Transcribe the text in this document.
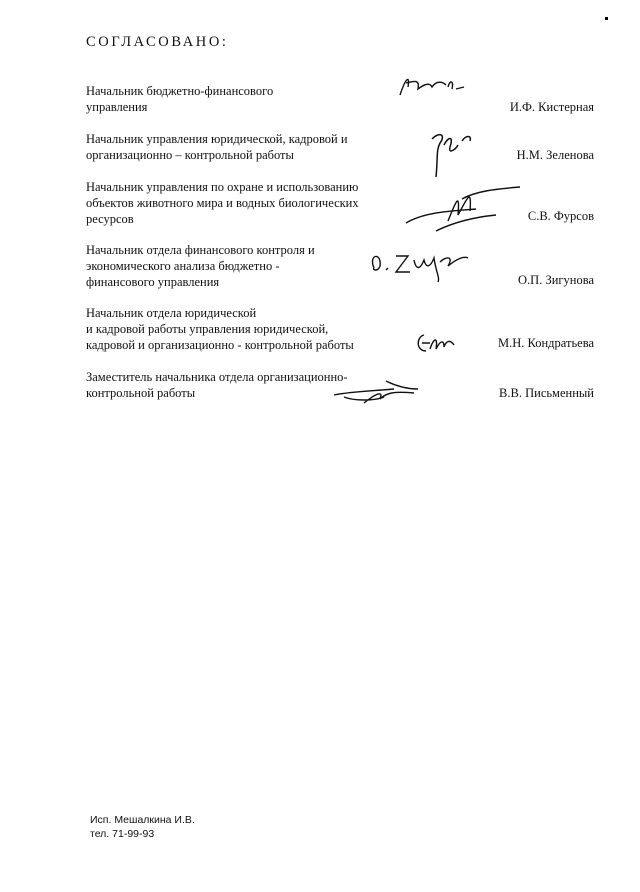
СОГЛАСОВАНО:
Начальник бюджетно-финансового
управления	И.Ф. Кистерная
Начальник управления юридической, кадровой и
организационно – контрольной работы	Н.М. Зеленова
Начальник управления по охране и использованию
объектов животного мира и водных биологических
ресурсов	С.В. Фурсов
Начальник отдела финансового контроля и
экономического анализа бюджетно -
финансового управления	О.П. Зигунова
Начальник отдела юридической
и кадровой работы управления юридической,
кадровой и организационно - контрольной работы	М.Н. Кондратьева
Заместитель начальника отдела организационно-
контрольной работы	В.В. Письменный
Исп. Мешалкина И.В.
тел. 71-99-93
